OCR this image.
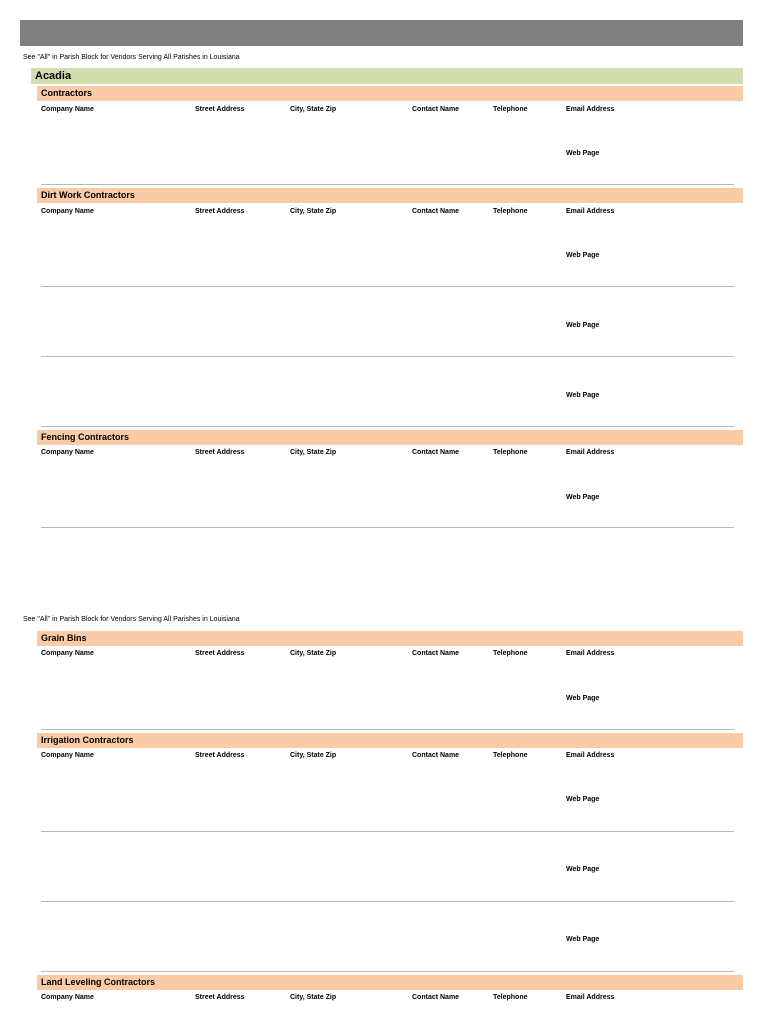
See "All" in Parish Block for Vendors Serving All Parishes in Louisiana
Acadia
Contractors
Company Name	Street Address	City, State Zip	Contact Name	Telephone	Email Address
Web Page
Dirt Work Contractors
Company Name	Street Address	City, State Zip	Contact Name	Telephone	Email Address
Web Page
Web Page
Web Page
Fencing Contractors
Company Name	Street Address	City, State Zip	Contact Name	Telephone	Email Address
Web Page
See "All" in Parish Block for Vendors Serving All Parishes in Louisiana
Grain Bins
Company Name	Street Address	City, State Zip	Contact Name	Telephone	Email Address
Web Page
Irrigation Contractors
Company Name	Street Address	City, State Zip	Contact Name	Telephone	Email Address
Web Page
Web Page
Web Page
Land Leveling Contractors
Company Name	Street Address	City, State Zip	Contact Name	Telephone	Email Address
